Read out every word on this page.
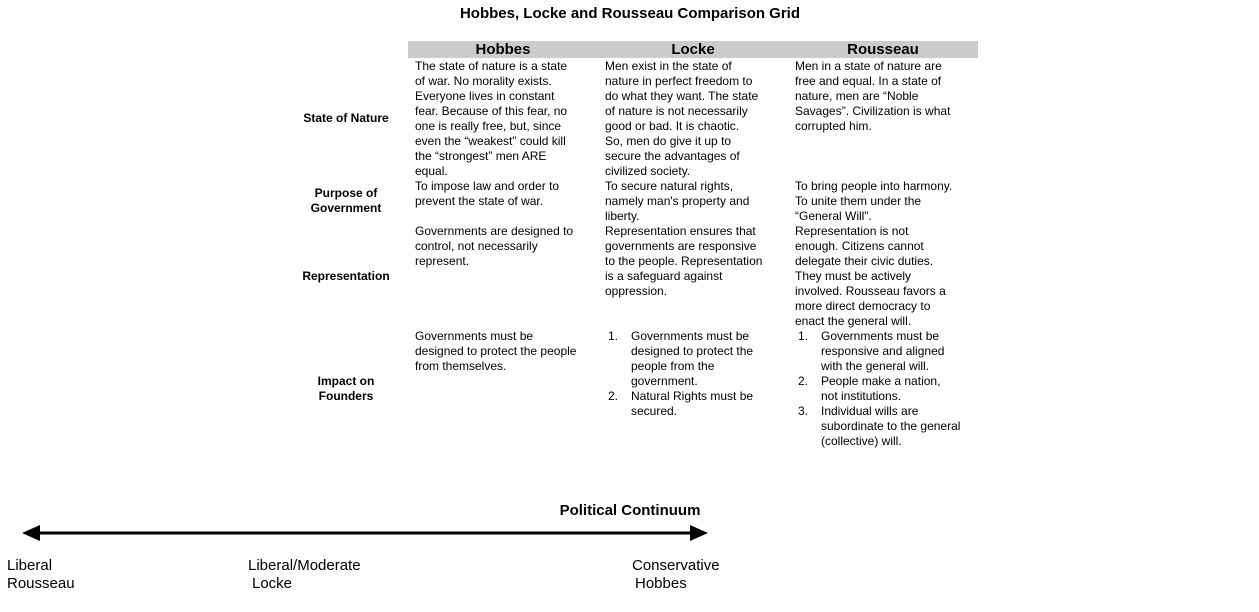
Hobbes, Locke and Rousseau Comparison Grid
Hobbes	Locke	Rousseau
State of Nature
Purpose of
Government
Representation
Impact on
Founders
The state of nature is a state
of war. No morality exists.
Everyone lives in constant
fear. Because of this fear, no
one is really free, but, since
even the “weakest” could kill
the “strongest” men ARE
equal.
Men exist in the state of
nature in perfect freedom to
do what they want. The state
of nature is not necessarily
good or bad. It is chaotic.
So, men do give it up to
secure the advantages of
civilized society.
Men in a state of nature are
free and equal. In a state of
nature, men are “Noble
Savages”. Civilization is what
corrupted him.
To impose law and order to
prevent the state of war.
To secure natural rights,
namely man's property and
liberty.
To bring people into harmony.
To unite them under the
“General Will”.
Governments are designed to
control, not necessarily
represent.
Representation ensures that
governments are responsive
to the people. Representation
is a safeguard against
oppression.
Representation is not
enough. Citizens cannot
delegate their civic duties.
They must be actively
involved. Rousseau favors a
more direct democracy to
enact the general will.
Governments must be
designed to protect the people
from themselves.
1. Governments must be
designed to protect the
people from the
government.
2. Natural Rights must be
secured.
1. Governments must be
responsive and aligned
with the general will.
2. People make a nation,
not institutions.
3. Individual wills are
subordinate to the general
(collective) will.
Political Continuum
Liberal
Rousseau
Liberal/Moderate
Locke
Conservative
Hobbes
